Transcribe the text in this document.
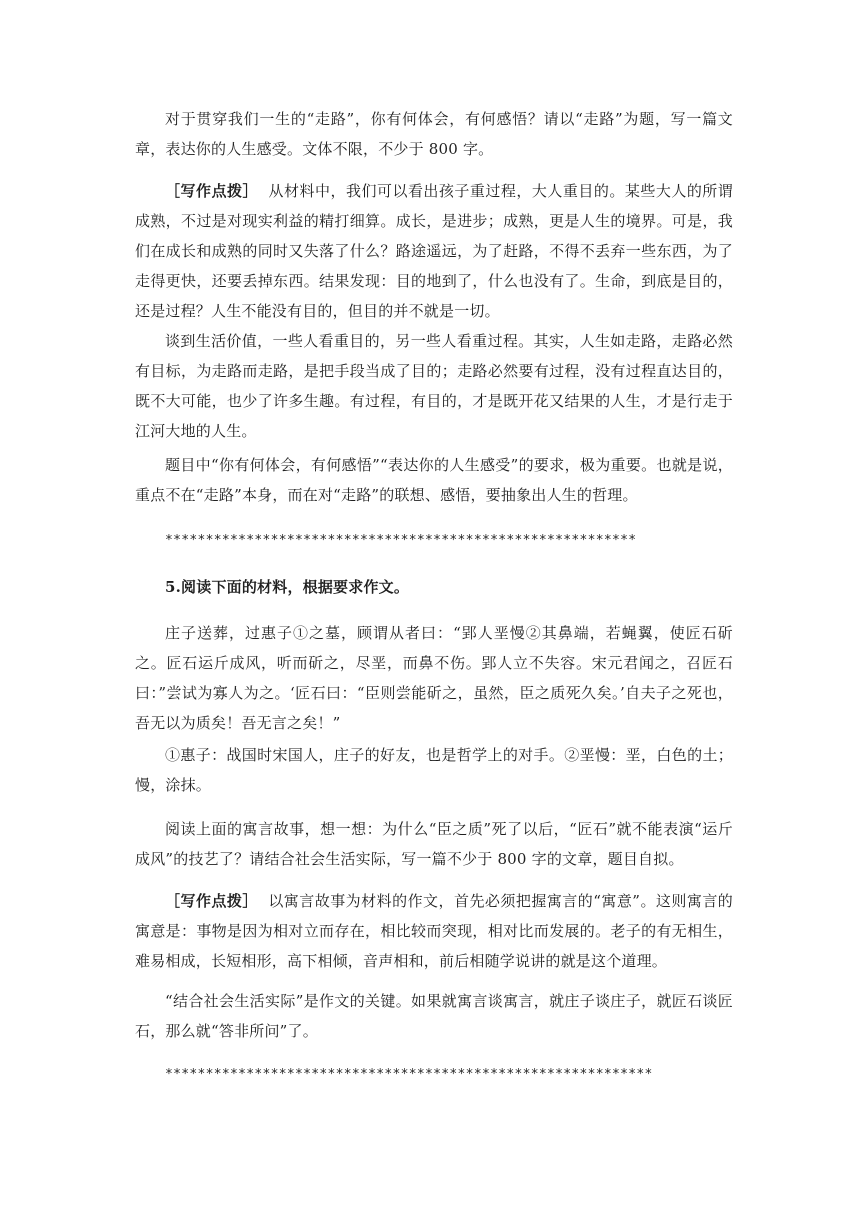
对于贯穿我们一生的“走路”，你有何体会，有何感悟？请以“走路”为题，写一篇文章，表达你的人生感受。文体不限，不少于 800 字。

［写作点拨］ 从材料中，我们可以看出孩子重过程，大人重目的。某些大人的所谓成熟，不过是对现实利益的精打细算。成长，是进步；成熟，更是人生的境界。可是，我们在成长和成熟的同时又失落了什么？路途遥远，为了赶路，不得不丢弃一些东西，为了走得更快，还要丢掉东西。结果发现：目的地到了，什么也没有了。生命，到底是目的，还是过程？人生不能没有目的，但目的并不就是一切。

谈到生活价值，一些人看重目的，另一些人看重过程。其实，人生如走路，走路必然有目标，为走路而走路，是把手段当成了目的；走路必然要有过程，没有过程直达目的，既不大可能，也少了许多生趣。有过程，有目的，才是既开花又结果的人生，才是行走于江河大地的人生。

题目中“你有何体会，有何感悟”“表达你的人生感受”的要求，极为重要。也就是说，重点不在“走路”本身，而在对“走路”的联想、感悟，要抽象出人生的哲理。

**********************************************************

5.阅读下面的材料，根据要求作文。

庄子送葬，过惠子①之墓，顾谓从者曰：“郢人垩慢②其鼻端，若蝇翼，使匠石斫之。匠石运斤成风，听而斫之，尽垩，而鼻不伤。郢人立不失容。宋元君闻之，召匠石曰：”尝试为寡人为之。‘匠石曰：“臣则尝能斫之，虽然，臣之质死久矣。’自夫子之死也，吾无以为质矣！吾无言之矣！”

①惠子：战国时宋国人，庄子的好友，也是哲学上的对手。②垩慢：垩，白色的土；慢，涂抹。

阅读上面的寓言故事，想一想：为什么“臣之质”死了以后，“匠石”就不能表演“运斤成风”的技艺了？请结合社会生活实际，写一篇不少于 800 字的文章，题目自拟。

［写作点拨］ 以寓言故事为材料的作文，首先必须把握寓言的“寓意”。这则寓言的寓意是：事物是因为相对立而存在，相比较而突现，相对比而发展的。老子的有无相生，难易相成，长短相形，高下相倾，音声相和，前后相随学说讲的就是这个道理。

“结合社会生活实际”是作文的关键。如果就寓言谈寓言，就庄子谈庄子，就匠石谈匠石，那么就“答非所问”了。

************************************************************
